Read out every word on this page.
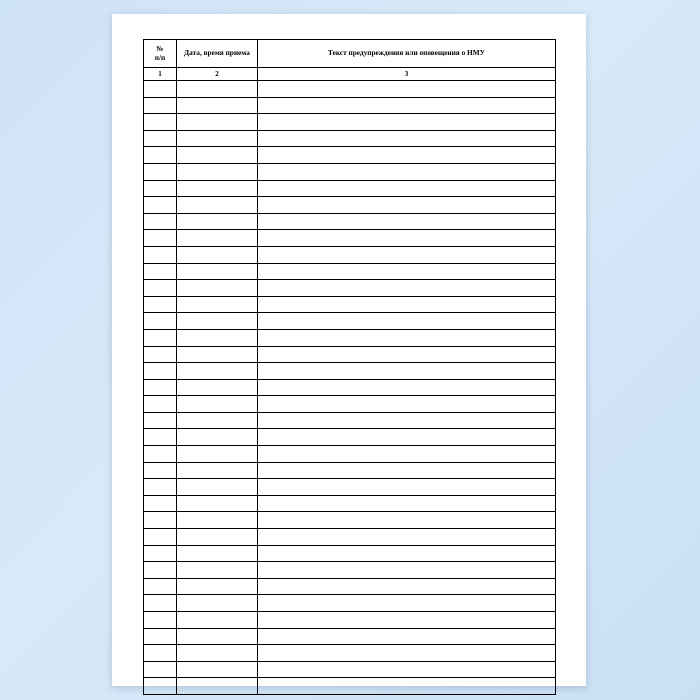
№
п/п	Дата, время приема	Текст предупреждения или оповещения о НМУ
1	2	3
